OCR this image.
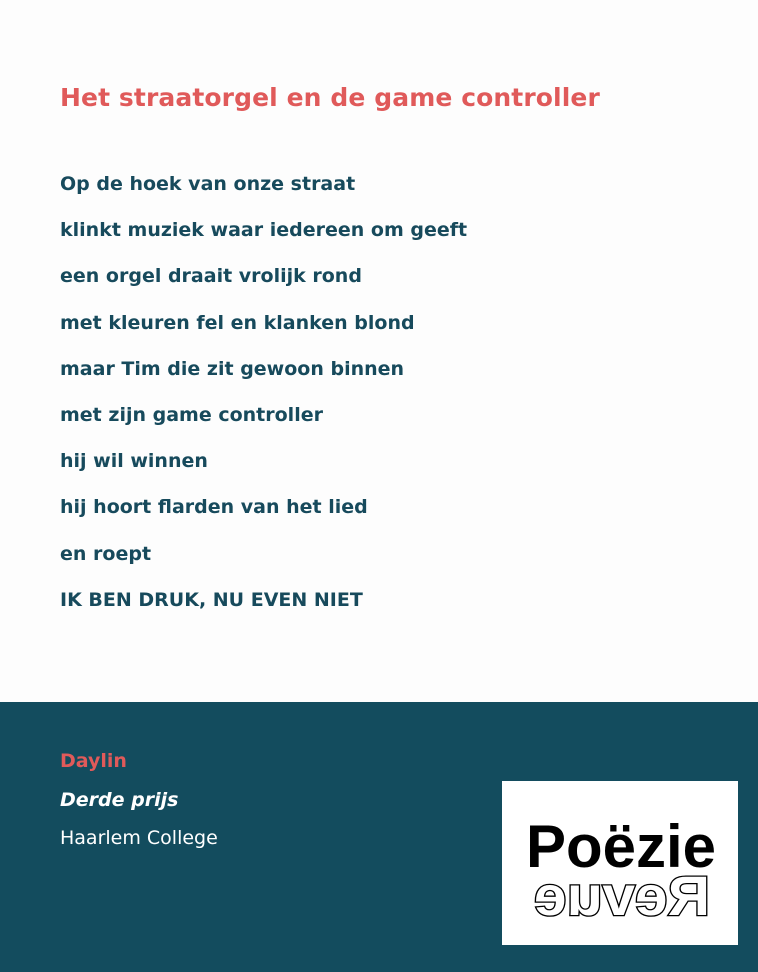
Het straatorgel en de game controller
Op de hoek van onze straat
klinkt muziek waar iedereen om geeft
een orgel draait vrolijk rond
met kleuren fel en klanken blond
maar Tim die zit gewoon binnen
met zijn game controller
hij wil winnen
hij hoort flarden van het lied
en roept
IK BEN DRUK, NU EVEN NIET
Daylin
Derde prijs
Haarlem College	Poëzie
Revue
